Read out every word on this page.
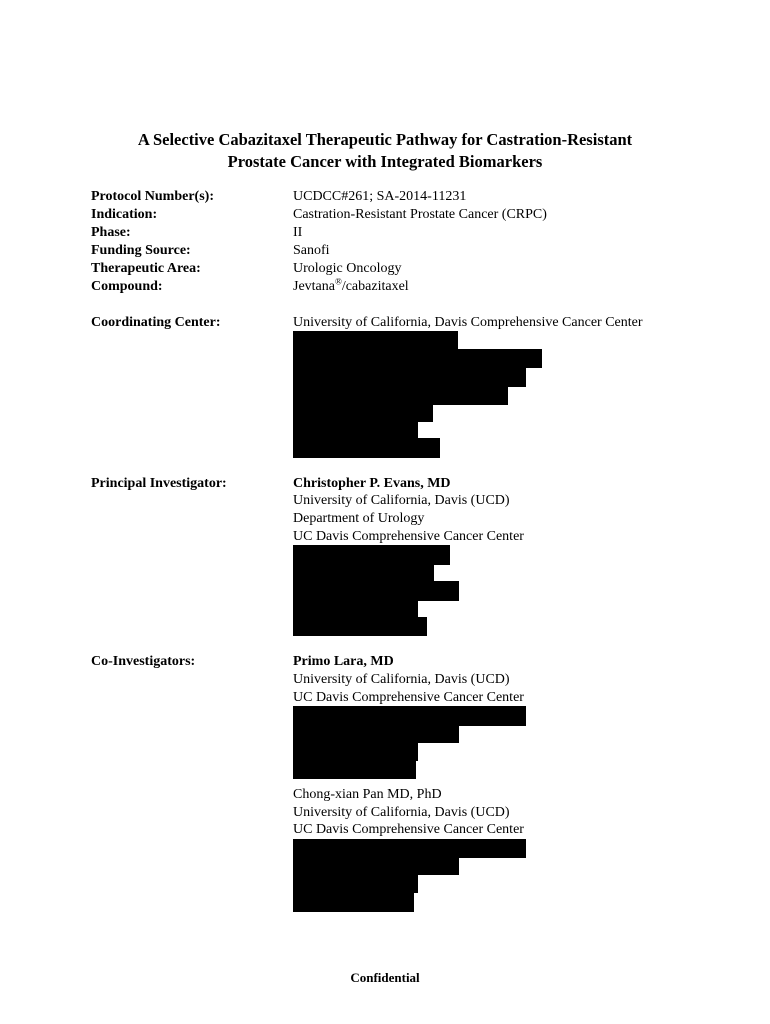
A Selective Cabazitaxel Therapeutic Pathway for Castration-Resistant
Prostate Cancer with Integrated Biomarkers
Protocol Number(s):	UCDCC#261; SA-2014-11231
Indication:	Castration-Resistant Prostate Cancer (CRPC)
Phase:	II
Funding Source:	Sanofi
Therapeutic Area:	Urologic Oncology
Compound:	Jevtana®/cabazitaxel
Coordinating Center:	University of California, Davis Comprehensive Cancer Center
Principal Investigator:	Christopher P. Evans, MD
University of California, Davis (UCD)
Department of Urology
UC Davis Comprehensive Cancer Center
Co-Investigators:	Primo Lara, MD
University of California, Davis (UCD)
UC Davis Comprehensive Cancer Center
Chong-xian Pan MD, PhD
University of California, Davis (UCD)
UC Davis Comprehensive Cancer Center
Confidential
